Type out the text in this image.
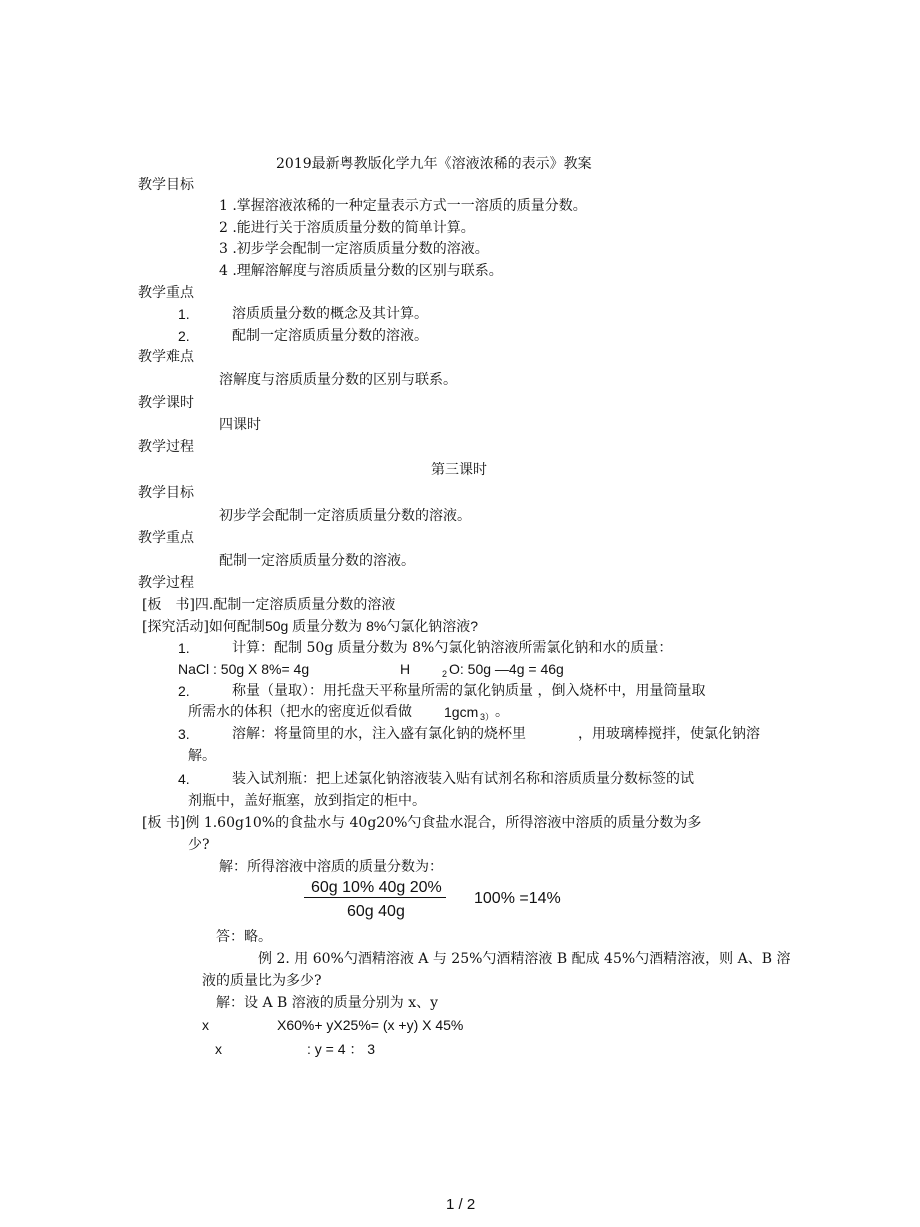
2019最新粤教版化学九年《溶液浓稀的表示》教案
教学目标
1 .掌握溶液浓稀的一种定量表示方式一一溶质的质量分数。
2 .能进行关于溶质质量分数的简单计算。
3 .初步学会配制一定溶质质量分数的溶液。
4 .理解溶解度与溶质质量分数的区别与联系。
教学重点
1.	溶质质量分数的概念及其计算。
2.	配制一定溶质质量分数的溶液。
教学难点
溶解度与溶质质量分数的区别与联系。
教学课时
四课时
教学过程
第三课时
教学目标
初步学会配制一定溶质质量分数的溶液。
教学重点
配制一定溶质质量分数的溶液。
教学过程
[板　书]四.配制一定溶质质量分数的溶液
[探究活动]如何配制50g 质量分数为 8%勺氯化钠溶液?
1.	计算：配制 50g 质量分数为 8%勺氯化钠溶液所需氯化钠和水的质量：
NaCl : 50g X 8%= 4g	H	2 O: 50g —4g = 46g
2.	称量（量取）：用托盘天平称量所需的氯化钠质量 ，倒入烧杯中，用量筒量取
所需水的体积（把水的密度近似看做 1gcm 3） 。
3.	溶解：将量筒里的水，注入盛有氯化钠的烧杯里	，用玻璃棒搅拌，使氯化钠溶
解。
4.	装入试剂瓶：把上述氯化钠溶液装入贴有试剂名称和溶质质量分数标签的试
剂瓶中，盖好瓶塞，放到指定的柜中。
[板 书]例 1.60g10%的食盐水与 40g20%勺食盐水混合，所得溶液中溶质的质量分数为多
少?
解：所得溶液中溶质的质量分数为：
60g 10% 40g 20%
60g 40g
100% =14%
答：略。
例 2. 用 60%勺酒精溶液 A 与 25%勺酒精溶液 B 配成 45%勺酒精溶液，则 A、B 溶
液的质量比为多少?
解：设 A B 溶液的质量分别为 x、y
x	X60%+ yX25%= (x +y) X 45%
x	: y = 4 ： 3
1 / 2
